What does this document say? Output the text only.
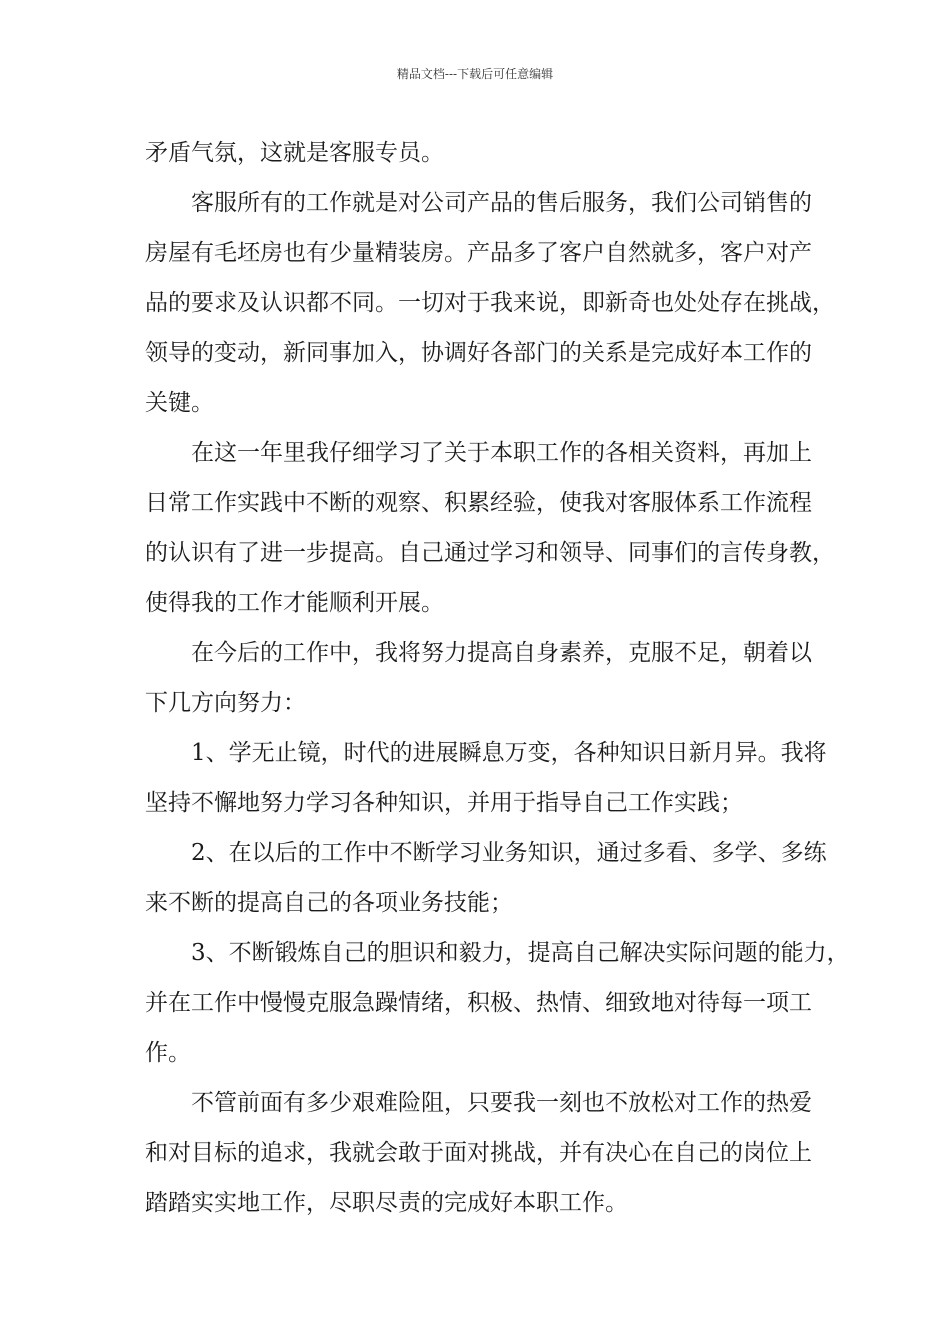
精品文档---下载后可任意编辑
矛盾气氛，这就是客服专员。
客服所有的工作就是对公司产品的售后服务，我们公司销售的
房屋有毛坯房也有少量精装房。产品多了客户自然就多，客户对产
品的要求及认识都不同。一切对于我来说，即新奇也处处存在挑战，
领导的变动，新同事加入，协调好各部门的关系是完成好本工作的
关键。
在这一年里我仔细学习了关于本职工作的各相关资料，再加上
日常工作实践中不断的观察、积累经验，使我对客服体系工作流程
的认识有了进一步提高。自己通过学习和领导、同事们的言传身教，
使得我的工作才能顺利开展。
在今后的工作中，我将努力提高自身素养，克服不足，朝着以
下几方向努力：
1、学无止镜，时代的进展瞬息万变，各种知识日新月异。我将
坚持不懈地努力学习各种知识，并用于指导自己工作实践；
2、在以后的工作中不断学习业务知识，通过多看、多学、多练
来不断的提高自己的各项业务技能；
3、不断锻炼自己的胆识和毅力，提高自己解决实际问题的能力，
并在工作中慢慢克服急躁情绪，积极、热情、细致地对待每一项工
作。
不管前面有多少艰难险阻，只要我一刻也不放松对工作的热爱
和对目标的追求，我就会敢于面对挑战，并有决心在自己的岗位上
踏踏实实地工作，尽职尽责的完成好本职工作。
